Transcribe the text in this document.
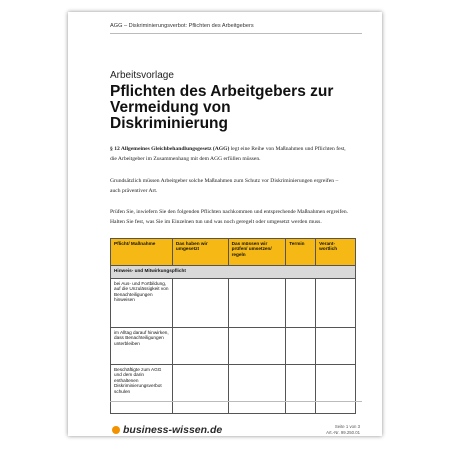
AGG – Diskriminierungsverbot: Pflichten des Arbeitgebers
Arbeitsvorlage
Pflichten des Arbeitgebers zur Vermeidung von Diskriminierung

§ 12 Allgemeines Gleichbehandlungsgesetz (AGG) legt eine Reihe von Maßnahmen und Pflichten fest, die Arbeitgeber im Zusammenhang mit dem AGG erfüllen müssen.

Grundsätzlich müssen Arbeitgeber solche Maßnahmen zum Schutz vor Diskriminierungen ergreifen – auch präventiver Art.

Prüfen Sie, inwiefern Sie den folgenden Pflichten nachkommen und entsprechende Maßnahmen ergreifen. Halten Sie fest, was Sie im Einzelnen tun und was noch geregelt oder umgesetzt werden muss.

Pflicht/ Maßnahme	Das haben wir umgesetzt	Das müssen wir prüfen/ umsetzen/ regeln	Termin	Verant-wortlich
Hinweis- und Mitwirkungspflicht				
bei Aus- und Fortbildung, auf die Unzulässigkeit von Benachteiligungen hinweisen				
im Alltag darauf hinwirken, dass Benachteiligungen unterbleiben				
Beschäftigte zum AGG und dem darin enthaltenen Diskriminierungsverbot schulen				
business-wissen.de	Seite 1 von 3
Art.-Nr. 99.250.01
